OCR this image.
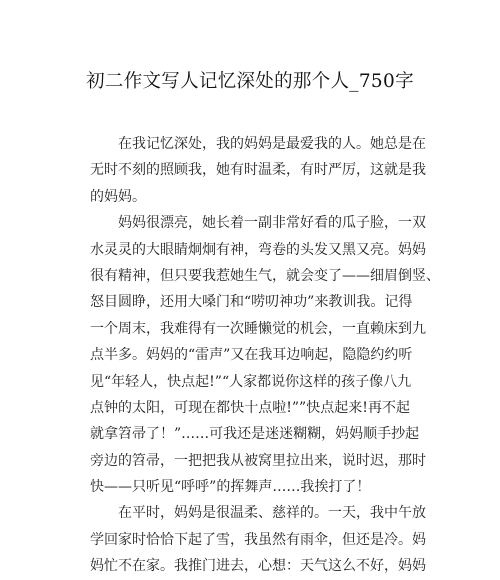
初二作文写人记忆深处的那个人_750字
在我记忆深处，我的妈妈是最爱我的人。她总是在
无时不刻的照顾我，她有时温柔，有时严厉，这就是我
的妈妈。
妈妈很漂亮，她长着一副非常好看的瓜子脸，一双
水灵灵的大眼睛炯炯有神，弯卷的头发又黑又亮。妈妈
很有精神，但只要我惹她生气，就会变了——细眉倒竖、
怒目圆睁，还用大嗓门和“唠叨神功”来教训我。记得
一个周末，我难得有一次睡懒觉的机会，一直赖床到九
点半多。妈妈的“雷声”又在我耳边响起，隐隐约约听
见“年轻人，快点起!”“人家都说你这样的孩子像八九
点钟的太阳，可现在都快十点啦!””快点起来!再不起
就拿笤帚了！”……可我还是迷迷糊糊，妈妈顺手抄起
旁边的笤帚，一把把我从被窝里拉出来，说时迟，那时
快——只听见“呼呼”的挥舞声……我挨打了！
在平时，妈妈是很温柔、慈祥的。一天，我中午放
学回家时恰恰下起了雪，我虽然有雨伞，但还是冷。妈
妈忙不在家。我推门进去，心想：天气这么不好，妈妈
